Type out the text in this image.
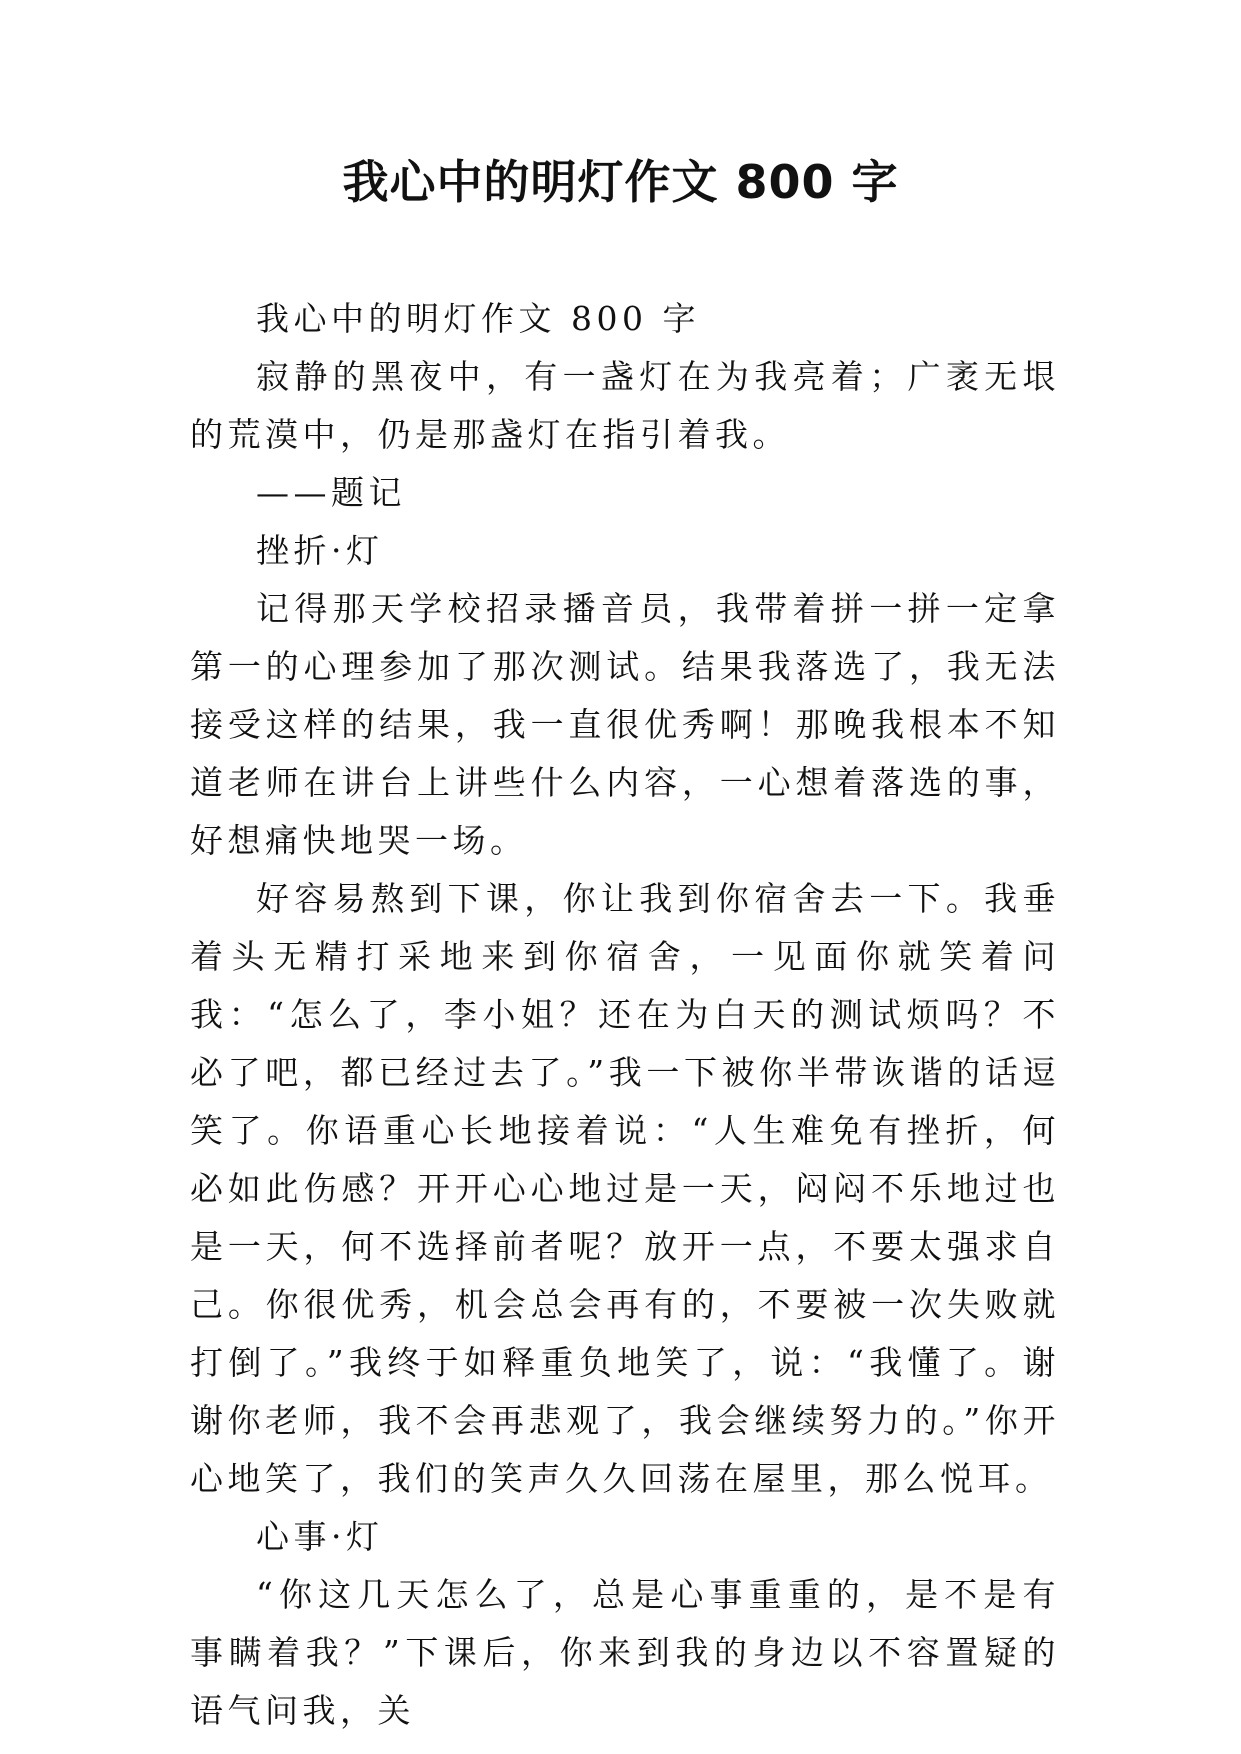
我心中的明灯作文 800 字

我心中的明灯作文 800 字

寂静的黑夜中，有一盏灯在为我亮着；广袤无垠的荒漠中，仍是那盏灯在指引着我。

——题记

挫折·灯

记得那天学校招录播音员，我带着拼一拼一定拿第一的心理参加了那次测试。结果我落选了，我无法接受这样的结果，我一直很优秀啊！那晚我根本不知道老师在讲台上讲些什么内容，一心想着落选的事，好想痛快地哭一场。

好容易熬到下课，你让我到你宿舍去一下。我垂着头无精打采地来到你宿舍，一见面你就笑着问我：“怎么了，李小姐？还在为白天的测试烦吗？不必了吧，都已经过去了。”我一下被你半带诙谐的话逗笑了。你语重心长地接着说：“人生难免有挫折，何必如此伤感？开开心心地过是一天，闷闷不乐地过也是一天，何不选择前者呢？放开一点，不要太强求自己。你很优秀，机会总会再有的，不要被一次失败就打倒了。”我终于如释重负地笑了，说：“我懂了。谢谢你老师，我不会再悲观了，我会继续努力的。”你开心地笑了，我们的笑声久久回荡在屋里，那么悦耳。

心事·灯

“你这几天怎么了，总是心事重重的，是不是有事瞒着我？”下课后，你来到我的身边以不容置疑的语气问我，关
